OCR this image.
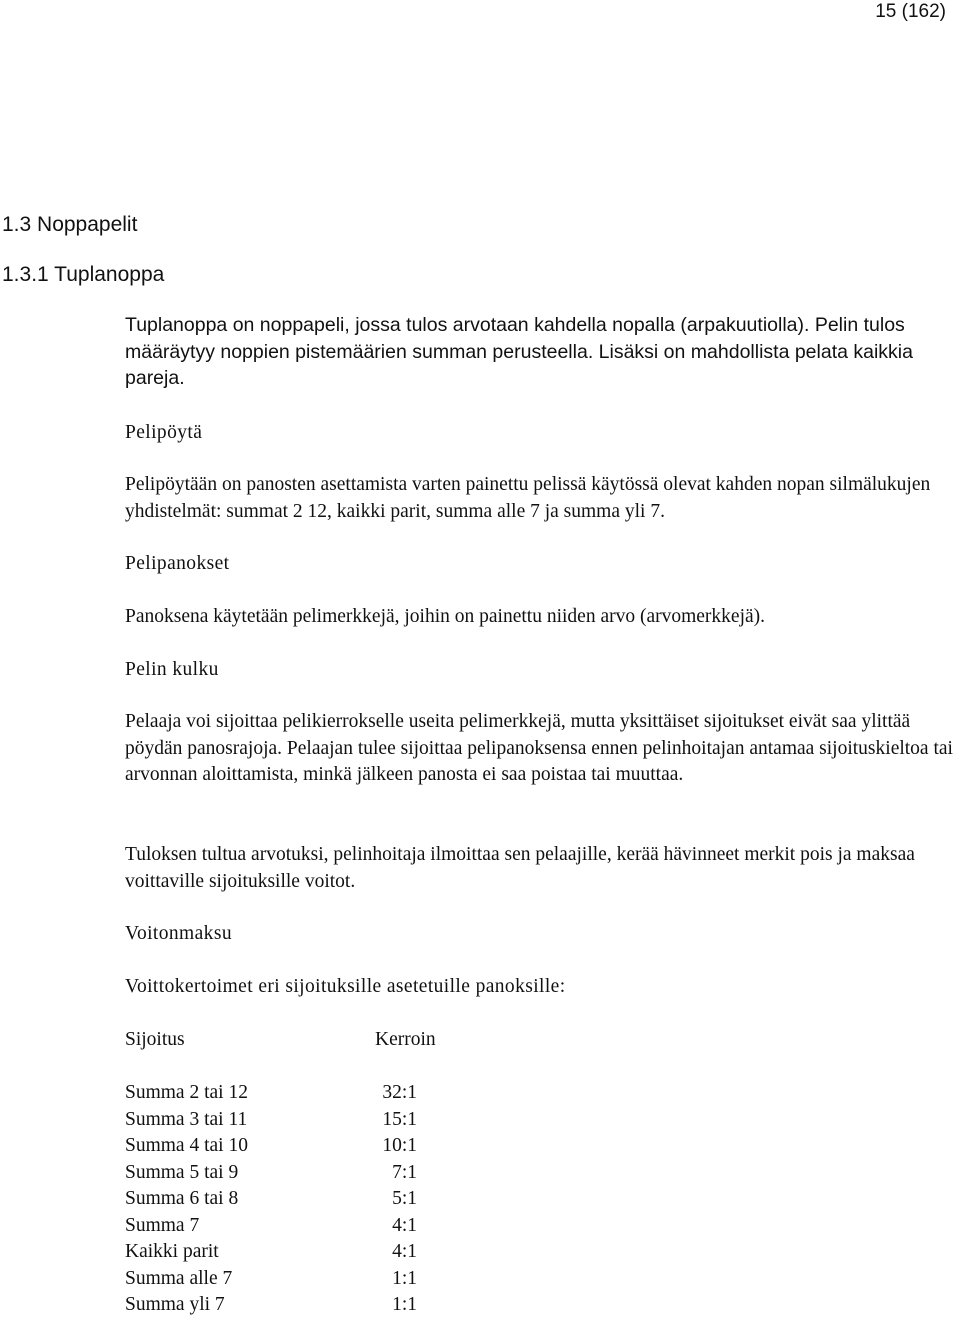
15 (162)
1.3 Noppapelit
1.3.1 Tuplanoppa
Tuplanoppa on noppapeli, jossa tulos arvotaan kahdella nopalla (arpakuutiolla). Pelin tulos määräytyy noppien pistemäärien summan perusteella. Lisäksi on mahdollista pelata kaikkia pareja.
Pelipöytä
Pelipöytään on panosten asettamista varten painettu pelissä käytössä olevat kahden nopan silmälukujen yhdistelmät: summat 2 12, kaikki parit, summa alle 7 ja summa yli 7.
Pelipanokset
Panoksena käytetään pelimerkkejä, joihin on painettu niiden arvo (arvomerkkejä).
Pelin kulku
Pelaaja voi sijoittaa pelikierrokselle useita pelimerkkejä, mutta yksittäiset sijoitukset eivät saa ylittää pöydän panosrajoja. Pelaajan tulee sijoittaa pelipanoksensa ennen pelinhoitajan antamaa sijoituskieltoa tai arvonnan aloittamista, minkä jälkeen panosta ei saa poistaa tai muuttaa.
Tuloksen tultua arvotuksi, pelinhoitaja ilmoittaa sen pelaajille, kerää hävinneet merkit pois ja maksaa voittaville sijoituksille voitot.
Voitonmaksu
Voittokertoimet eri sijoituksille asetetuille panoksille:
Sijoitus	Kerroin
Summa 2 tai 12	32:1
Summa 3 tai 11	15:1
Summa 4 tai 10	10:1
Summa 5 tai 9	7:1
Summa 6 tai 8	5:1
Summa 7	4:1
Kaikki parit	4:1
Summa alle 7	1:1
Summa yli 7	1:1
